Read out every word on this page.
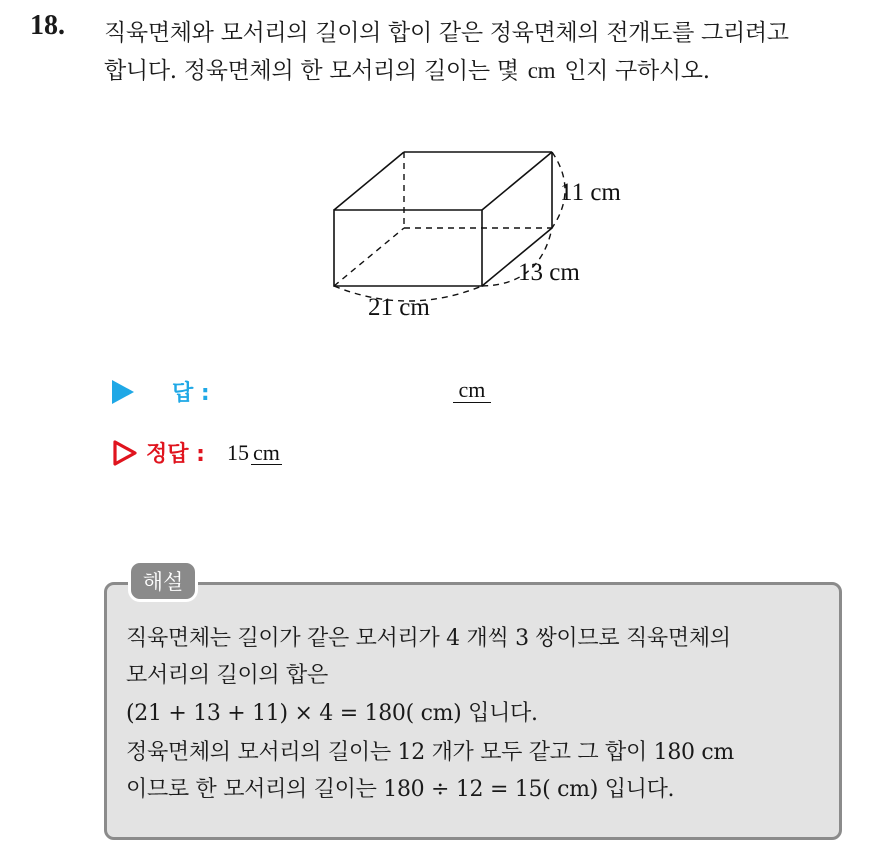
18. 직육면체와 모서리의 길이의 합이 같은 정육면체의 전개도를 그리려고
합니다. 정육면체의 한 모서리의 길이는 몇 cm 인지 구하시오.
11 cm
13 cm
21 cm
답 :	cm
정답 : 15 cm
해설
직육면체는 길이가 같은 모서리가 4 개씩 3 쌍이므로 직육면체의
모서리의 길이의 합은
(21 + 13 + 11) × 4 = 180( cm) 입니다.
정육면체의 모서리의 길이는 12 개가 모두 같고 그 합이 180 cm
이므로 한 모서리의 길이는 180 ÷ 12 = 15( cm) 입니다.
